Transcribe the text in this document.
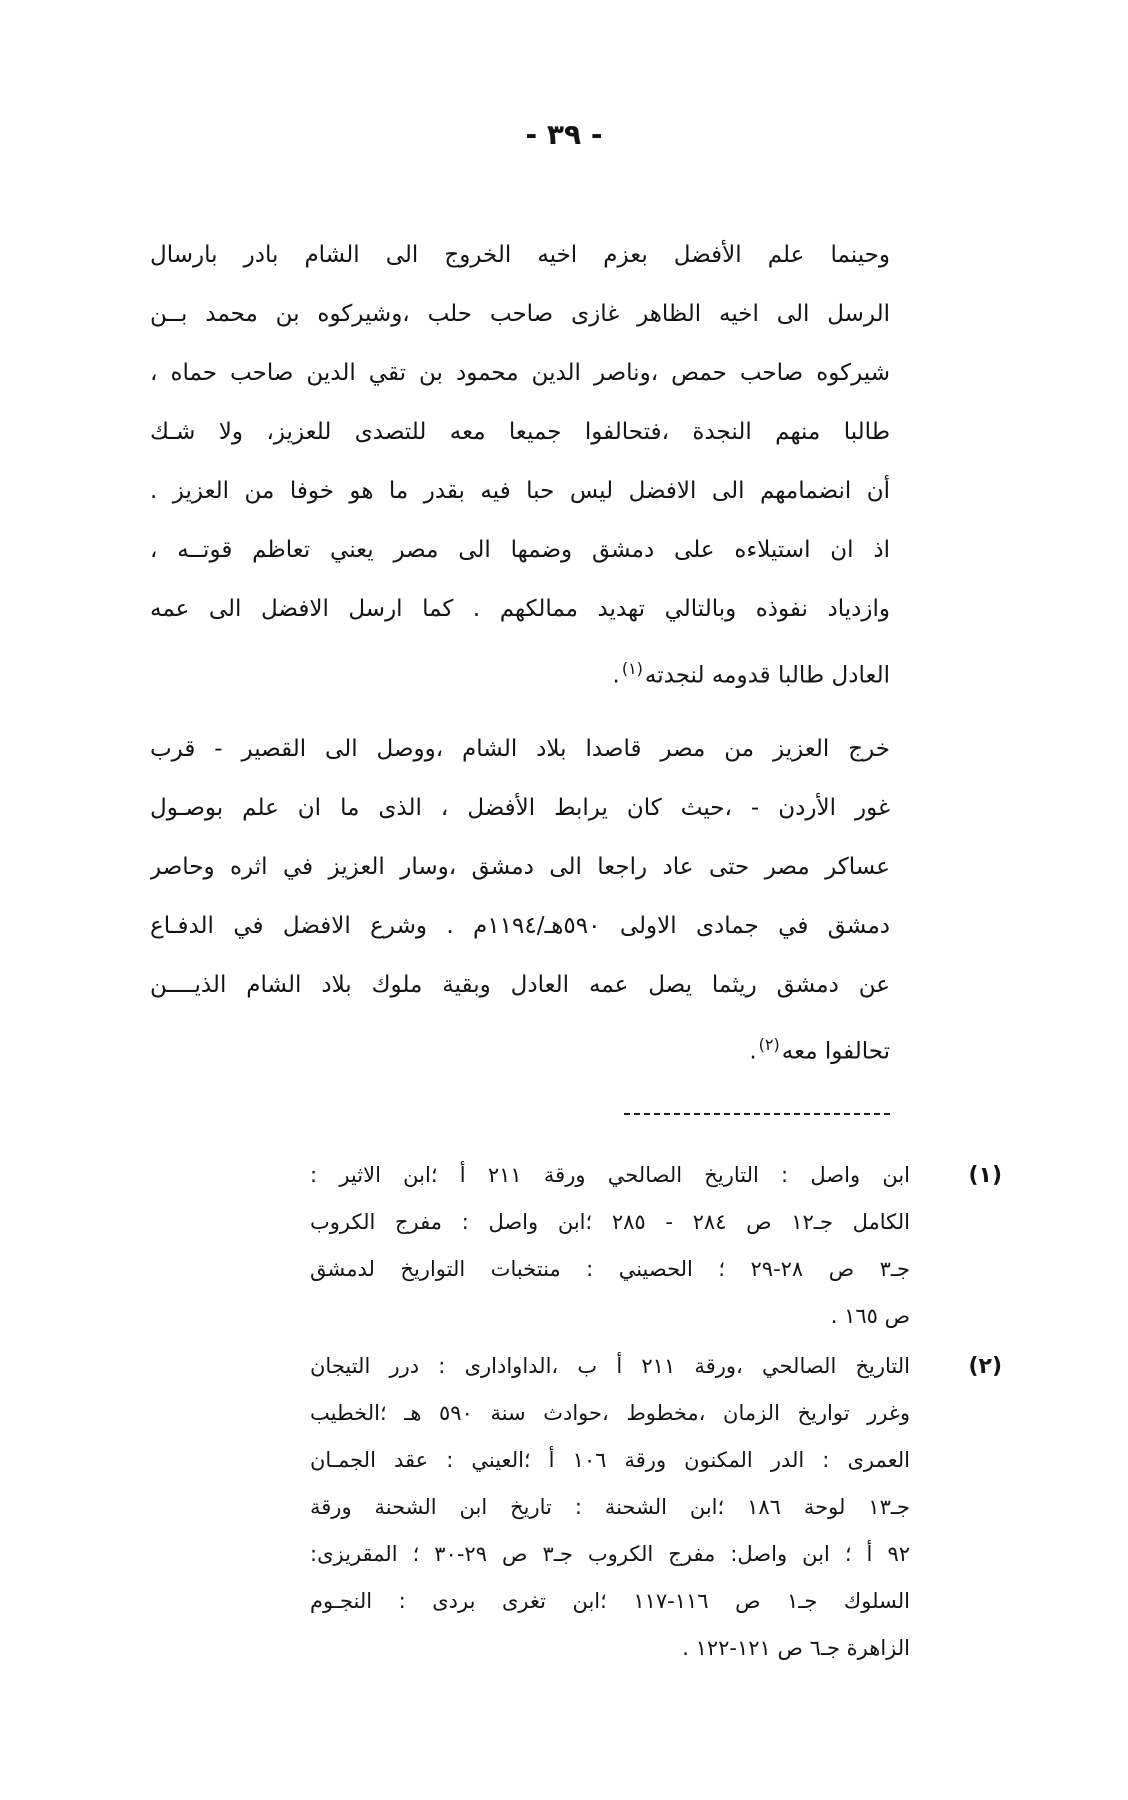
- ٣٩ -
وحينما علم الأفضل بعزم اخيه الخروج الى الشام بادر بارسال
الرسل الى اخيه الظاهر غازى صاحب حلب ،وشيركوه بن محمد بــن
شيركوه صاحب حمص ،وناصر الدين محمود بن تقي الدين صاحب حماه ،
طالبا منهم النجدة ،فتحالفوا جميعا معه للتصدى للعزيز، ولا شـك
أن انضمامهم الى الافضل ليس حبا فيه بقدر ما هو خوفا من العزيز .
اذ ان استيلاءه على دمشق وضمها الى مصر يعني تعاظم قوتــه ،
وازدياد نفوذه وبالتالي تهديد ممالكهم . كما ارسل الافضل الى عمه
العادل طالبا قدومه لنجدته$^{(١)}$.
خرج العزيز من مصر قاصدا بلاد الشام ،ووصل الى القصير - قرب
غور الأردن - ،حيث كان يرابط الأفضل ، الذى ما ان علم بوصـول
عساكر مصر حتى عاد راجعا الى دمشق ،وسار العزيز في اثره وحاصر
دمشق في جمادى الاولى ٥٩٠هـ/١١٩٤م . وشرع الافضل في الدفـاع
عن دمشق ريثما يصل عمه العادل وبقية ملوك بلاد الشام الذيــــن
تحالفوا معه$^{(٢)}$.
(١)
ابن واصل : التاريخ الصالحي ورقة ٢١١ أ ؛ابن الاثير :
الكامل جـ١٢ ص ٢٨٤ - ٢٨٥ ؛ابن واصل : مفرج الكروب
جـ٣ ص ٢٨-٢٩ ؛ الحصيني : منتخبات التواريخ لدمشق
ص ١٦٥ .
(٢)
التاريخ الصالحي ،ورقة ٢١١ أ ب ،الداوادارى : درر التيجان
وغرر تواريخ الزمان ،مخطوط ،حوادث سنة ٥٩٠ هـ ؛الخطيب
العمرى : الدر المكنون ورقة ١٠٦ أ ؛العيني : عقد الجمـان
جـ١٣ لوحة ١٨٦ ؛ابن الشحنة : تاريخ ابن الشحنة ورقة
٩٢ أ ؛ ابن واصل: مفرج الكروب جـ٣ ص ٢٩-٣٠ ؛ المقريزى:
السلوك جـ١ ص ١١٦-١١٧ ؛ابن تغرى بردى : النجـوم
الزاهرة جـ٦ ص ١٢١-١٢٢ .
